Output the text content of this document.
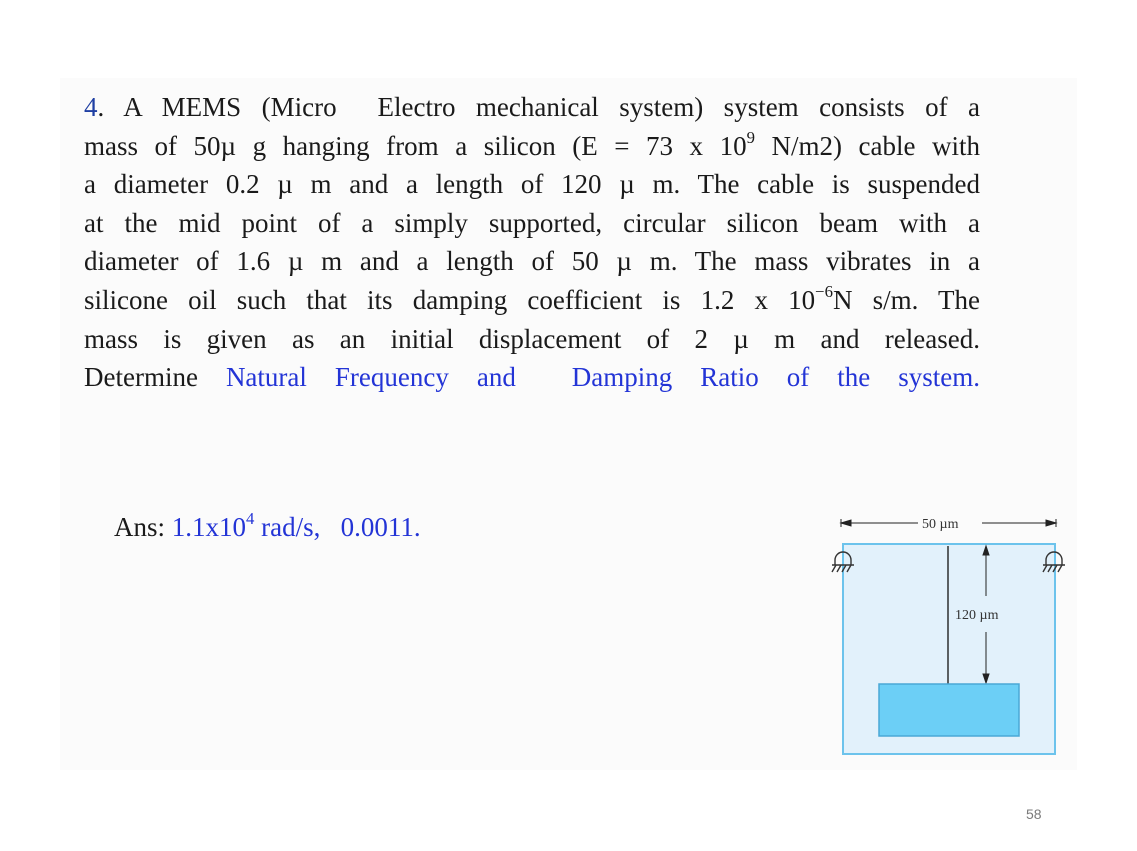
4. A MEMS (Micro  Electro mechanical system) system consists of a
mass of 50µ g hanging from a silicon (E = 73 x $10^9$ N/m2) cable with
a diameter 0.2 µ m and a length of 120 µ m. The cable is suspended
at the mid point of a simply supported, circular silicon beam with a
diameter of 1.6 µ m and a length of 50 µ m. The mass vibrates in a
silicone oil such that its damping coefficient is 1.2 x $10^{-6}N$ s/m. The
mass is given as an initial displacement of 2 µ m and released.
Determine Natural Frequency and  Damping Ratio of the system.
Ans: $1.1x10^4$ rad/s,   0.0011.	50 µm
120 µm
58
